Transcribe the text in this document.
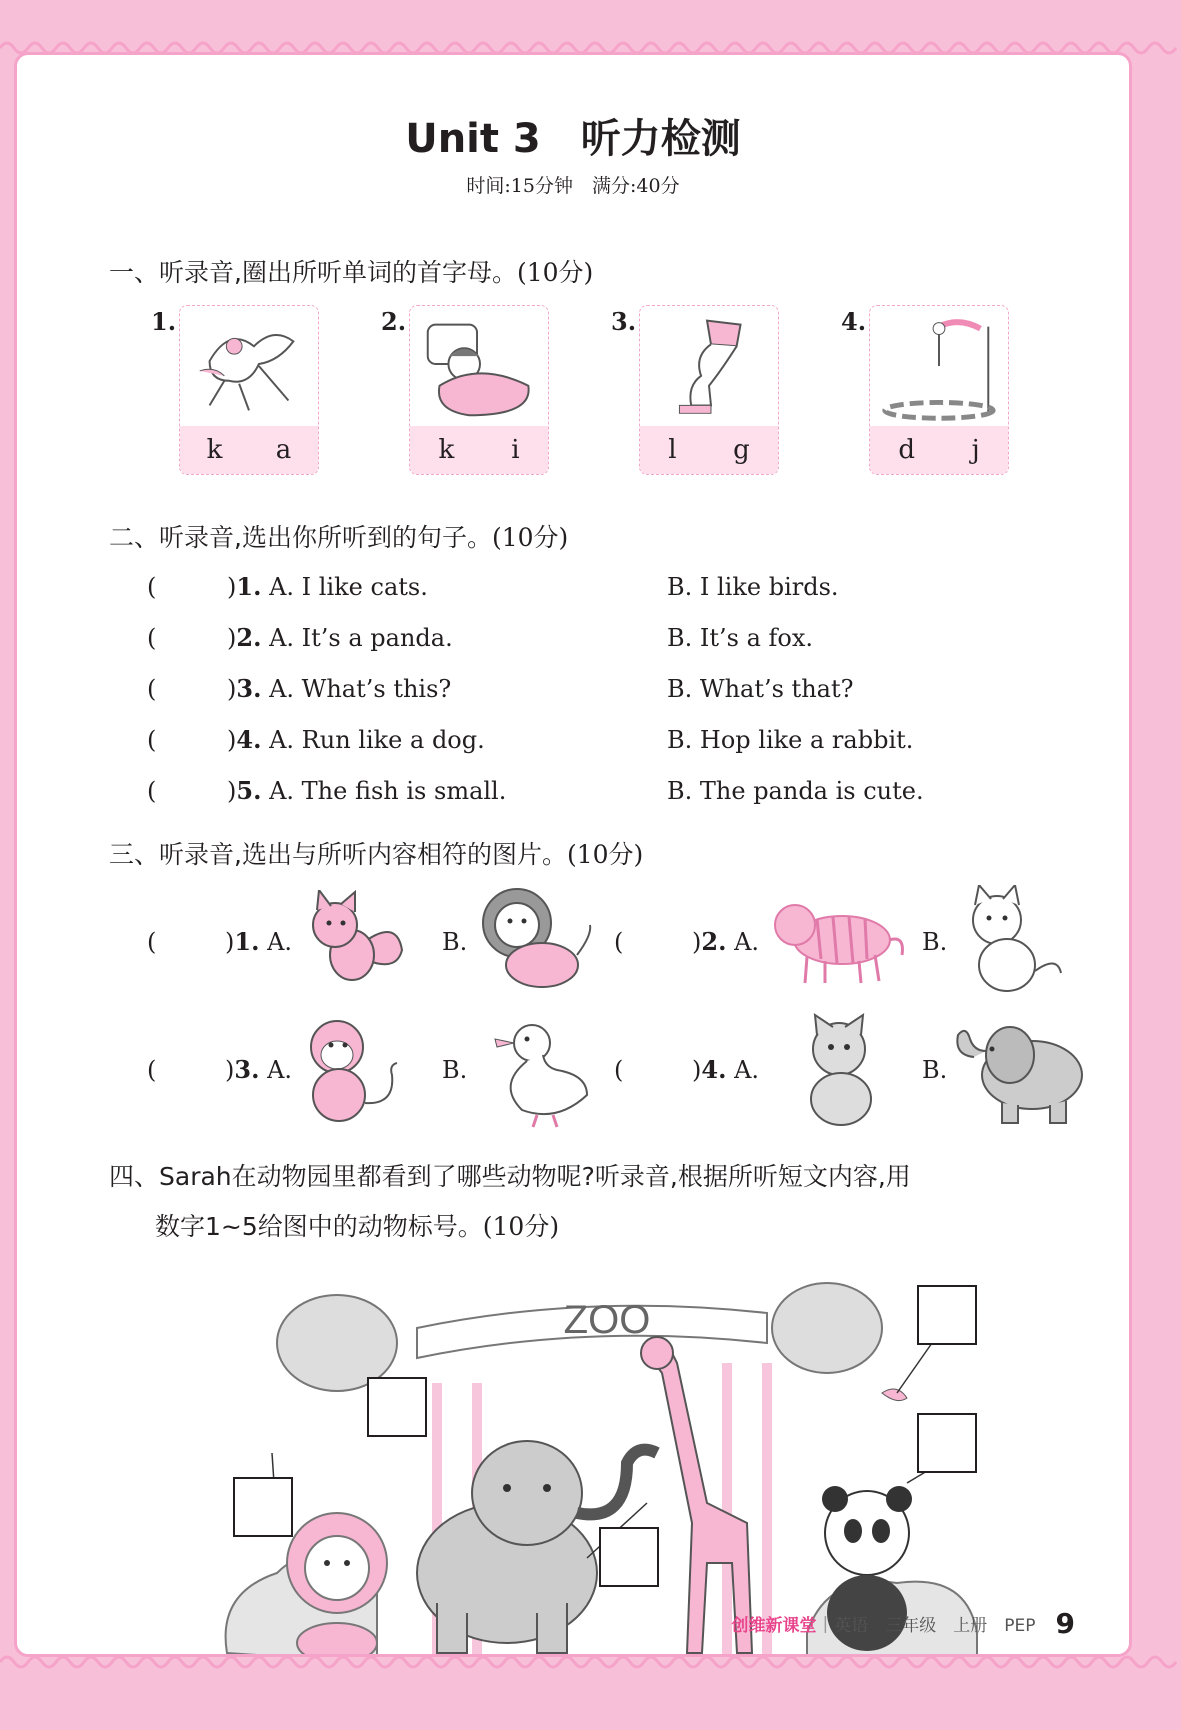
Unit 3　听力检测
时间:15分钟　满分:40分
一、听录音,圈出所听单词的首字母。(10分)
1.
k a
2.
k i
3.
l g
4.
d j
二、听录音,选出你所听到的句子。(10分)
(	)1. A. I like cats.	B. I like birds.
(	)2. A. It’s a panda.	B. It’s a fox.
(	)3. A. What’s this?	B. What’s that?
(	)4. A. Run like a dog.	B. Hop like a rabbit.
(	)5. A. The fish is small.	B. The panda is cute.
三、听录音,选出与所听内容相符的图片。(10分)
(	)1. A.	B.	(	)2. A.	B.
(	)3. A.	B.	(	)4. A.	B.
四、Sarah在动物园里都看到了哪些动物呢?听录音,根据所听短文内容,用
数字1~5给图中的动物标号。(10分)
ZOO
创维新课堂 | 英语　三年级　上册　PEP 9
